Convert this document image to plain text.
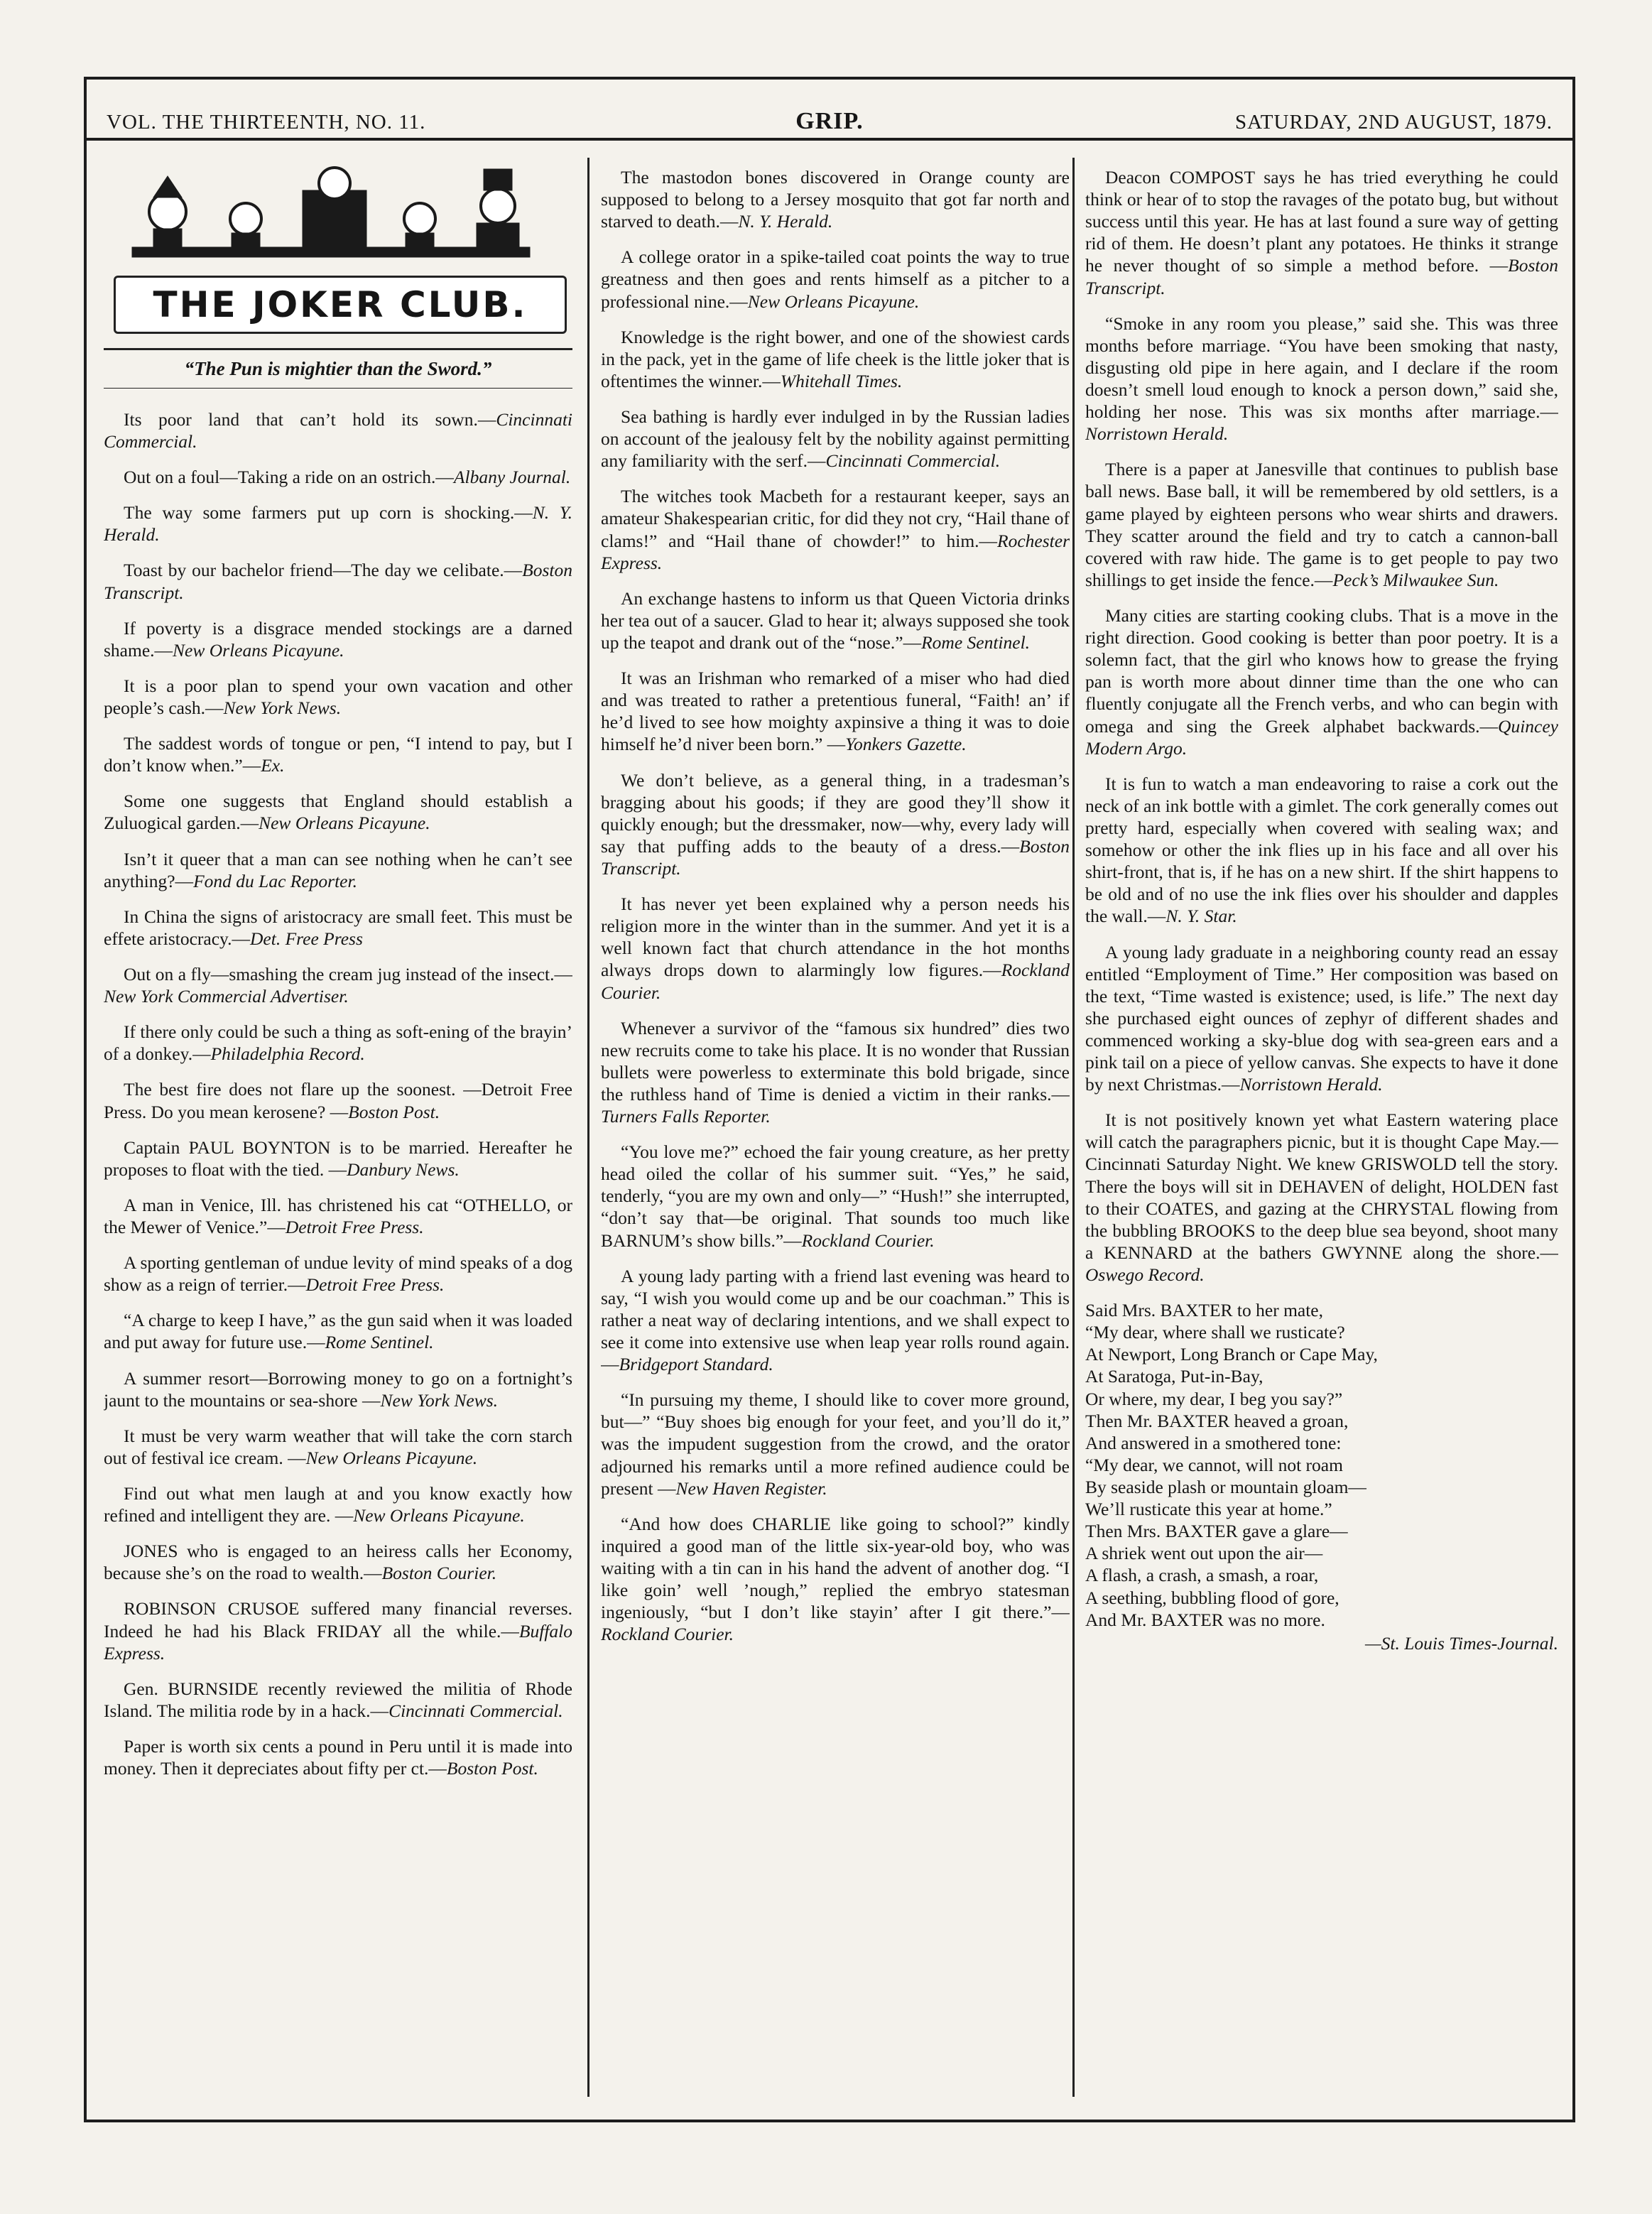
VOL. THE THIRTEENTH, NO. 11.	GRIP.	SATURDAY, 2ND AUGUST, 1879.
THE JOKER CLUB.
“The Pun is mightier than the Sword.”

Its poor land that can’t hold its sown.—Cincinnati Commercial.

Out on a foul—Taking a ride on an ostrich.—Albany Journal.

The way some farmers put up corn is shocking.—N. Y. Herald.

Toast by our bachelor friend—The day we celibate.—Boston Transcript.

If poverty is a disgrace mended stockings are a darned shame.—New Orleans Picayune.

It is a poor plan to spend your own vacation and other people’s cash.—New York News.

The saddest words of tongue or pen, “I intend to pay, but I don’t know when.”—Ex.

Some one suggests that England should establish a Zuluogical garden.—New Orleans Picayune.

Isn’t it queer that a man can see nothing when he can’t see anything?—Fond du Lac Reporter.

In China the signs of aristocracy are small feet. This must be effete aristocracy.—Det. Free Press

Out on a fly—smashing the cream jug instead of the insect.—New York Commercial Advertiser.

If there only could be such a thing as soft-ening of the brayin’ of a donkey.—Philadelphia Record.

The best fire does not flare up the soonest. —Detroit Free Press. Do you mean kerosene? —Boston Post.

Captain PAUL BOYNTON is to be married. Hereafter he proposes to float with the tied. —Danbury News.

A man in Venice, Ill. has christened his cat “OTHELLO, or the Mewer of Venice.”—Detroit Free Press.

A sporting gentleman of undue levity of mind speaks of a dog show as a reign of terrier.—Detroit Free Press.

“A charge to keep I have,” as the gun said when it was loaded and put away for future use.—Rome Sentinel.

A summer resort—Borrowing money to go on a fortnight’s jaunt to the mountains or sea-shore —New York News.

It must be very warm weather that will take the corn starch out of festival ice cream. —New Orleans Picayune.

Find out what men laugh at and you know exactly how refined and intelligent they are. —New Orleans Picayune.

JONES who is engaged to an heiress calls her Economy, because she’s on the road to wealth.—Boston Courier.

ROBINSON CRUSOE suffered many financial reverses. Indeed he had his Black FRIDAY all the while.—Buffalo Express.

Gen. BURNSIDE recently reviewed the militia of Rhode Island. The militia rode by in a hack.—Cincinnati Commercial.

Paper is worth six cents a pound in Peru until it is made into money. Then it depreciates about fifty per ct.—Boston Post.

The mastodon bones discovered in Orange county are supposed to belong to a Jersey mosquito that got far north and starved to death.—N. Y. Herald.

A college orator in a spike-tailed coat points the way to true greatness and then goes and rents himself as a pitcher to a professional nine.—New Orleans Picayune.

Knowledge is the right bower, and one of the showiest cards in the pack, yet in the game of life cheek is the little joker that is oftentimes the winner.—Whitehall Times.

Sea bathing is hardly ever indulged in by the Russian ladies on account of the jealousy felt by the nobility against permitting any familiarity with the serf.—Cincinnati Commercial.

The witches took Macbeth for a restaurant keeper, says an amateur Shakespearian critic, for did they not cry, “Hail thane of clams!” and “Hail thane of chowder!” to him.—Rochester Express.

An exchange hastens to inform us that Queen Victoria drinks her tea out of a saucer. Glad to hear it; always supposed she took up the teapot and drank out of the “nose.”—Rome Sentinel.

It was an Irishman who remarked of a miser who had died and was treated to rather a pretentious funeral, “Faith! an’ if he’d lived to see how moighty axpinsive a thing it was to doie himself he’d niver been born.” —Yonkers Gazette.

We don’t believe, as a general thing, in a tradesman’s bragging about his goods; if they are good they’ll show it quickly enough; but the dressmaker, now—why, every lady will say that puffing adds to the beauty of a dress.—Boston Transcript.

It has never yet been explained why a person needs his religion more in the winter than in the summer. And yet it is a well known fact that church attendance in the hot months always drops down to alarmingly low figures.—Rockland Courier.

Whenever a survivor of the “famous six hundred” dies two new recruits come to take his place. It is no wonder that Russian bullets were powerless to exterminate this bold brigade, since the ruthless hand of Time is denied a victim in their ranks.—Turners Falls Reporter.

“You love me?” echoed the fair young creature, as her pretty head oiled the collar of his summer suit. “Yes,” he said, tenderly, “you are my own and only—” “Hush!” she interrupted, “don’t say that—be original. That sounds too much like BARNUM’s show bills.”—Rockland Courier.

A young lady parting with a friend last evening was heard to say, “I wish you would come up and be our coachman.” This is rather a neat way of declaring intentions, and we shall expect to see it come into extensive use when leap year rolls round again.—Bridgeport Standard.

“In pursuing my theme, I should like to cover more ground, but—” “Buy shoes big enough for your feet, and you’ll do it,” was the impudent suggestion from the crowd, and the orator adjourned his remarks until a more refined audience could be present —New Haven Register.

“And how does CHARLIE like going to school?” kindly inquired a good man of the little six-year-old boy, who was waiting with a tin can in his hand the advent of another dog. “I like goin’ well ’nough,” replied the embryo statesman ingeniously, “but I don’t like stayin’ after I git there.”—Rockland Courier.

Deacon COMPOST says he has tried everything he could think or hear of to stop the ravages of the potato bug, but without success until this year. He has at last found a sure way of getting rid of them. He doesn’t plant any potatoes. He thinks it strange he never thought of so simple a method before. —Boston Transcript.

“Smoke in any room you please,” said she. This was three months before marriage. “You have been smoking that nasty, disgusting old pipe in here again, and I declare if the room doesn’t smell loud enough to knock a person down,” said she, holding her nose. This was six months after marriage.—Norristown Herald.

There is a paper at Janesville that continues to publish base ball news. Base ball, it will be remembered by old settlers, is a game played by eighteen persons who wear shirts and drawers. They scatter around the field and try to catch a cannon-ball covered with raw hide. The game is to get people to pay two shillings to get inside the fence.—Peck’s Milwaukee Sun.

Many cities are starting cooking clubs. That is a move in the right direction. Good cooking is better than poor poetry. It is a solemn fact, that the girl who knows how to grease the frying pan is worth more about dinner time than the one who can fluently conjugate all the French verbs, and who can begin with omega and sing the Greek alphabet backwards.—Quincey Modern Argo.

It is fun to watch a man endeavoring to raise a cork out the neck of an ink bottle with a gimlet. The cork generally comes out pretty hard, especially when covered with sealing wax; and somehow or other the ink flies up in his face and all over his shirt-front, that is, if he has on a new shirt. If the shirt happens to be old and of no use the ink flies over his shoulder and dapples the wall.—N. Y. Star.

A young lady graduate in a neighboring county read an essay entitled “Employment of Time.” Her composition was based on the text, “Time wasted is existence; used, is life.” The next day she purchased eight ounces of zephyr of different shades and commenced working a sky-blue dog with sea-green ears and a pink tail on a piece of yellow canvas. She expects to have it done by next Christmas.—Norristown Herald.

It is not positively known yet what Eastern watering place will catch the paragraphers picnic, but it is thought Cape May.— Cincinnati Saturday Night. We knew GRISWOLD tell the story. There the boys will sit in DEHAVEN of delight, HOLDEN fast to their COATES, and gazing at the CHRYSTAL flowing from the bubbling BROOKS to the deep blue sea beyond, shoot many a KENNARD at the bathers GWYNNE along the shore.—Oswego Record.

Said Mrs. BAXTER to her mate,
“My dear, where shall we rusticate?
At Newport, Long Branch or Cape May,
At Saratoga, Put-in-Bay,
Or where, my dear, I beg you say?”
Then Mr. BAXTER heaved a groan,
And answered in a smothered tone:
“My dear, we cannot, will not roam
By seaside plash or mountain gloam—
We’ll rusticate this year at home.”
Then Mrs. BAXTER gave a glare—
A shriek went out upon the air—
A flash, a crash, a smash, a roar,
A seething, bubbling flood of gore,
And Mr. BAXTER was no more.
—St. Louis Times-Journal.
